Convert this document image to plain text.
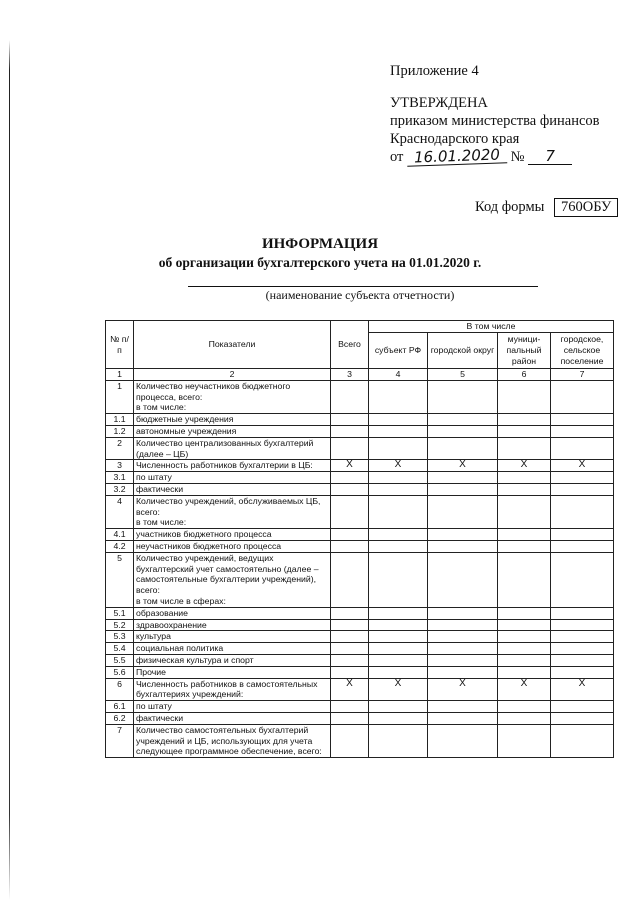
Приложение 4
УТВЕРЖДЕНА
приказом министерства финансов
Краснодарского края
от 16.01.2020 № 7
Код формы 760ОБУ
ИНФОРМАЦИЯ
об организации бухгалтерского учета на 01.01.2020 г.
(наименование субъекта отчетности)
№ п/п	Показатели	Всего	В том числе			
			субъект РФ	городской округ	муници-пальный район	городское, сельское поселение
1	2	3	4	5	6	7
1	Количество неучастников бюджетного процесса, всего:
в том числе:					
1.1	бюджетные учреждения					
1.2	автономные учреждения					
2	Количество централизованных бухгалтерий (далее – ЦБ)					
3	Численность работников бухгалтерии в ЦБ:	X	X	X	X	X
3.1	по штату					
3.2	фактически					
4	Количество учреждений, обслуживаемых ЦБ, всего:
в том числе:					
4.1	участников бюджетного процесса					
4.2	неучастников бюджетного процесса					
5	Количество учреждений, ведущих бухгалтерский учет самостоятельно (далее – самостоятельные бухгалтерии учреждений), всего:
в том числе в сферах:					
5.1	образование					
5.2	здравоохранение					
5.3	культура					
5.4	социальная политика					
5.5	физическая культура и спорт					
5.6	Прочие					
6	Численность работников в самостоятельных бухгалтериях учреждений:	X	X	X	X	X
6.1	по штату					
6.2	фактически					
7	Количество самостоятельных бухгалтерий учреждений и ЦБ, использующих для учета следующее программное обеспечение, всего:					
